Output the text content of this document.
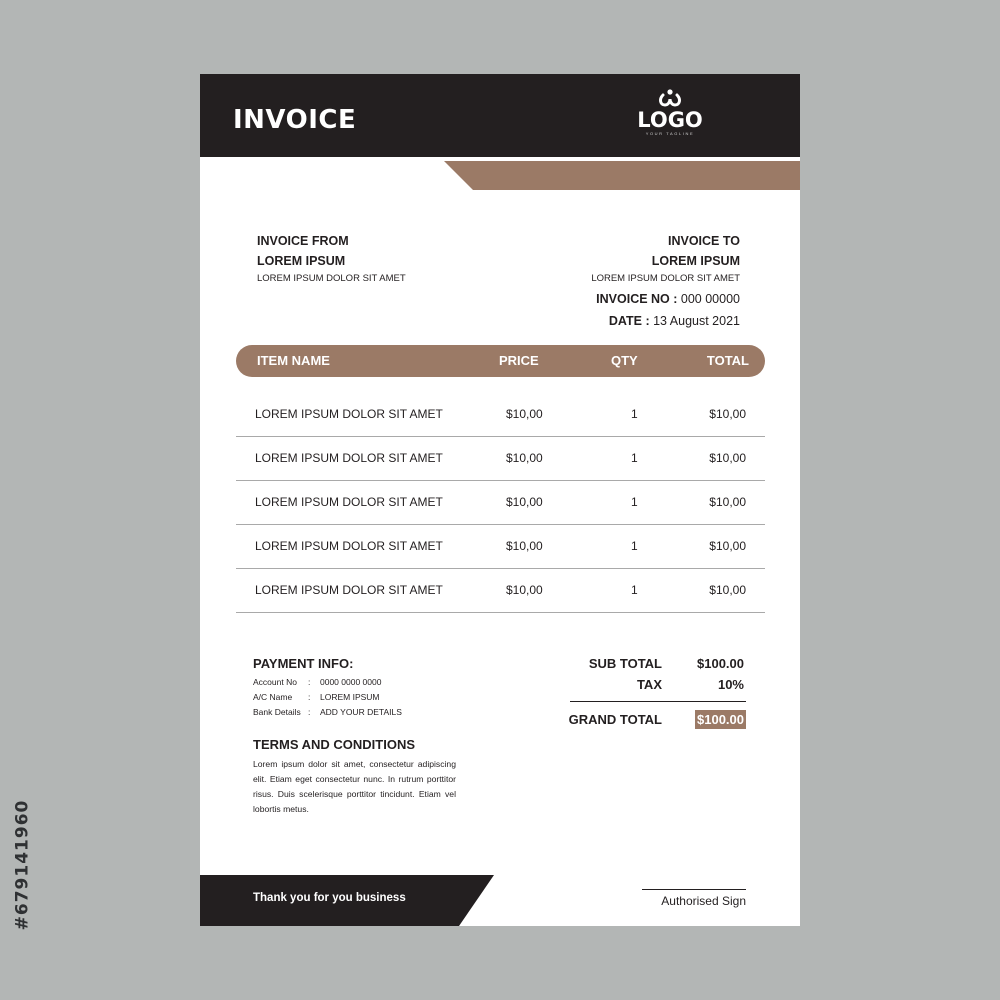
#679141960
INVOICE	LOGO
YOUR TAGLINE
INVOICE FROM
LOREM IPSUM
LOREM IPSUM DOLOR SIT AMET
INVOICE TO
LOREM IPSUM
LOREM IPSUM DOLOR SIT AMET
INVOICE NO : 000 00000
DATE : 13 August 2021
ITEM NAME	PRICE	QTY	TOTAL
LOREM IPSUM DOLOR SIT AMET	$10,00	1	$10,00
LOREM IPSUM DOLOR SIT AMET	$10,00	1	$10,00
LOREM IPSUM DOLOR SIT AMET	$10,00	1	$10,00
LOREM IPSUM DOLOR SIT AMET	$10,00	1	$10,00
LOREM IPSUM DOLOR SIT AMET	$10,00	1	$10,00
PAYMENT INFO:
Account No : 0000 0000 0000
A/C Name : LOREM IPSUM
Bank Details : ADD YOUR DETAILS
TERMS AND CONDITIONS
Lorem ipsum dolor sit amet, consectetur adipiscing elit. Etiam eget consectetur nunc. In rutrum porttitor risus. Duis scelerisque porttitor tincidunt. Etiam vel lobortis metus.
SUB TOTAL	$100.00
TAX	10%
GRAND TOTAL	$100.00
Thank you for you business	Authorised Sign
